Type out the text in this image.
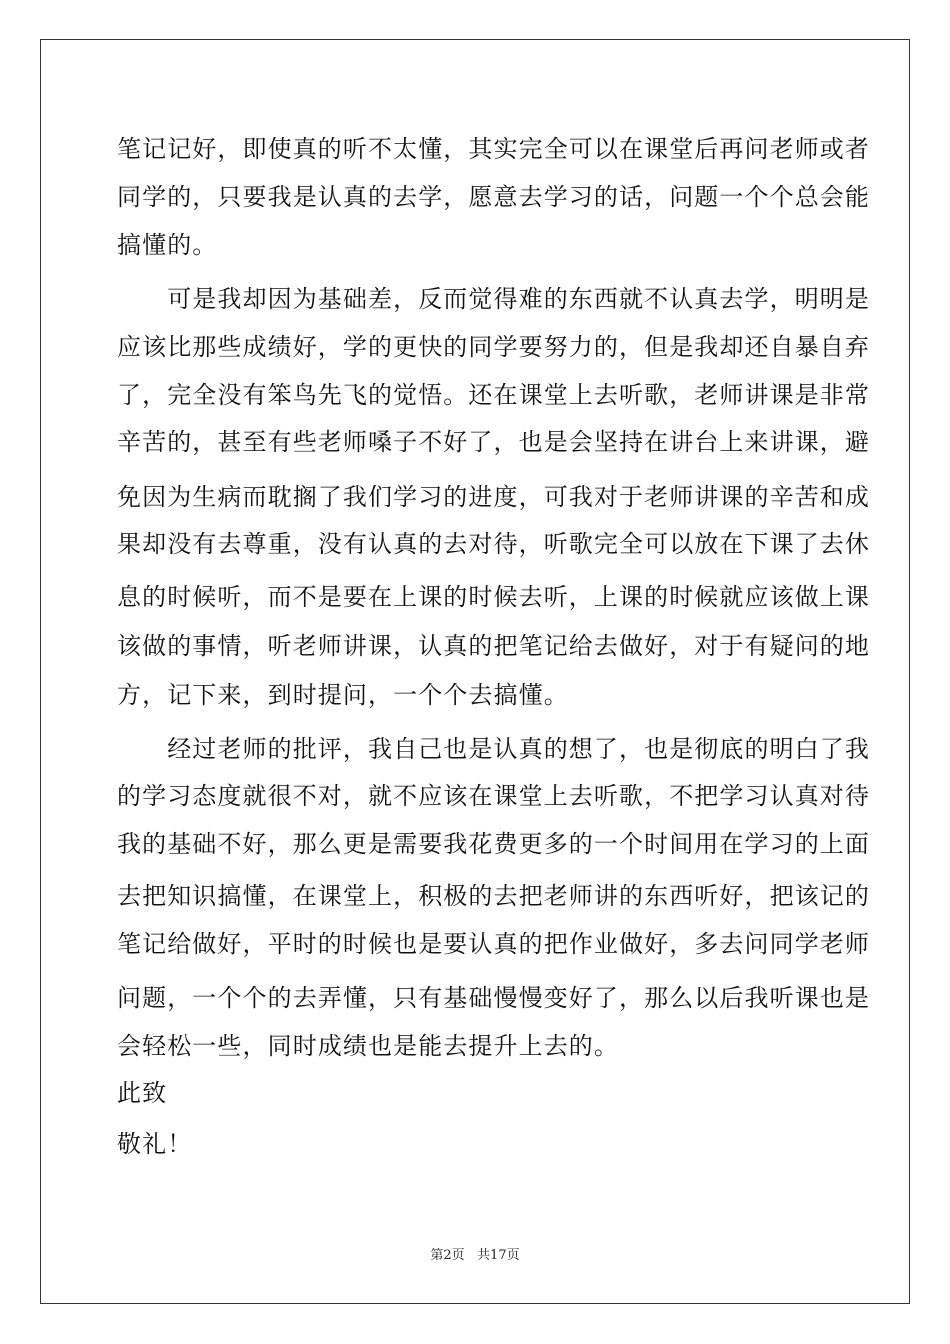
笔记记好，即使真的听不太懂，其实完全可以在课堂后再问老师或者
同学的，只要我是认真的去学，愿意去学习的话，问题一个个总会能
搞懂的。
　　可是我却因为基础差，反而觉得难的东西就不认真去学，明明是
应该比那些成绩好，学的更快的同学要努力的，但是我却还自暴自弃
了，完全没有笨鸟先飞的觉悟。还在课堂上去听歌，老师讲课是非常
辛苦的，甚至有些老师嗓子不好了，也是会坚持在讲台上来讲课，避
免因为生病而耽搁了我们学习的进度，可我对于老师讲课的辛苦和成
果却没有去尊重，没有认真的去对待，听歌完全可以放在下课了去休
息的时候听，而不是要在上课的时候去听，上课的时候就应该做上课
该做的事情，听老师讲课，认真的把笔记给去做好，对于有疑问的地
方，记下来，到时提问，一个个去搞懂。
　　经过老师的批评，我自己也是认真的想了，也是彻底的明白了我
的学习态度就很不对，就不应该在课堂上去听歌，不把学习认真对待
我的基础不好，那么更是需要我花费更多的一个时间用在学习的上面
去把知识搞懂，在课堂上，积极的去把老师讲的东西听好，把该记的
笔记给做好，平时的时候也是要认真的把作业做好，多去问同学老师
问题，一个个的去弄懂，只有基础慢慢变好了，那么以后我听课也是
会轻松一些，同时成绩也是能去提升上去的。
此致
敬礼！
第2页   共17页
